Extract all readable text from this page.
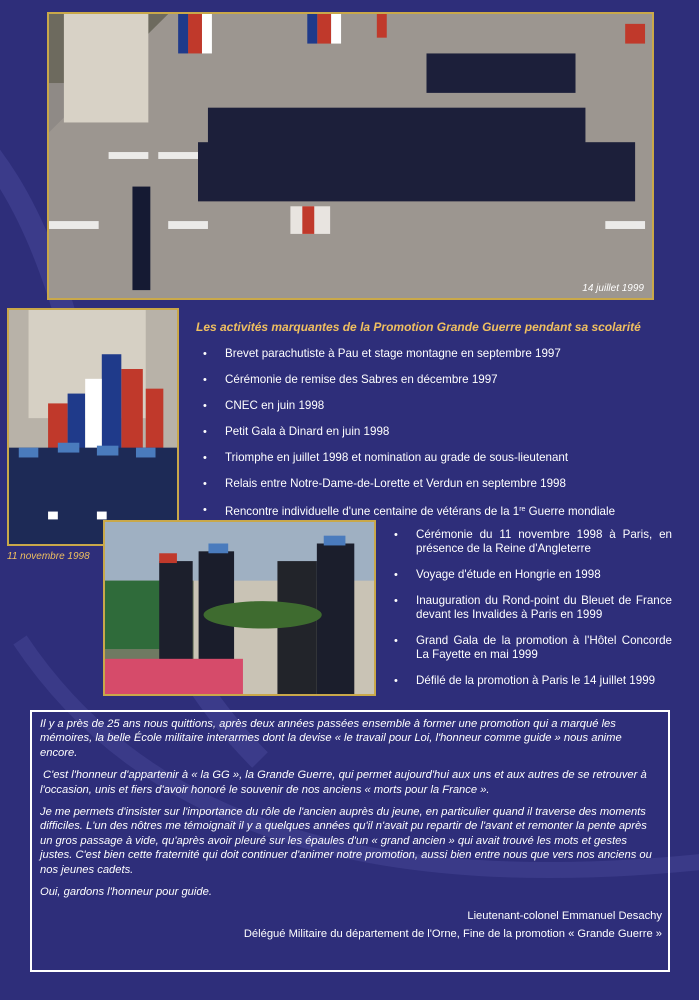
14 juillet 1999
11 novembre 1998
Les activités marquantes de la Promotion Grande Guerre pendant sa scolarité
• Brevet parachutiste à Pau et stage montagne en septembre 1997
• Cérémonie de remise des Sabres en décembre 1997
• CNEC en juin 1998
• Petit Gala à Dinard en juin 1998
• Triomphe en juillet 1998 et nomination au grade de sous-lieutenant
• Relais entre Notre-Dame-de-Lorette et Verdun en septembre 1998
• Rencontre individuelle d'une centaine de vétérans de la 1re Guerre mondiale
• Cérémonie du 11 novembre 1998 à Paris, en présence de la Reine d'Angleterre
• Voyage d'étude en Hongrie en 1998
• Inauguration du Rond-point du Bleuet de France devant les Invalides à Paris en 1999
• Grand Gala de la promotion à l'Hôtel Concorde La Fayette en mai 1999
• Défilé de la promotion à Paris le 14 juillet 1999

Il y a près de 25 ans nous quittions, après deux années passées ensemble à former une promotion qui a marqué les mémoires, la belle École militaire interarmes dont la devise « le travail pour Loi, l'honneur comme guide » nous anime encore.

C'est l'honneur d'appartenir à « la GG », la Grande Guerre, qui permet aujourd'hui aux uns et aux autres de se retrouver à l'occasion, unis et fiers d'avoir honoré le souvenir de nos anciens « morts pour la France ».

Je me permets d'insister sur l'importance du rôle de l'ancien auprès du jeune, en particulier quand il traverse des moments difficiles. L'un des nôtres me témoignait il y a quelques années qu'il n'avait pu repartir de l'avant et remonter la pente après un gros passage à vide, qu'après avoir pleuré sur les épaules d'un « grand ancien » qui avait trouvé les mots et gestes justes. C'est bien cette fraternité qui doit continuer d'animer notre promotion, aussi bien entre nous que vers nos anciens ou nos jeunes cadets.

Oui, gardons l'honneur pour guide.

Lieutenant-colonel Emmanuel Desachy
Délégué Militaire du département de l'Orne, Fine de la promotion « Grande Guerre »
